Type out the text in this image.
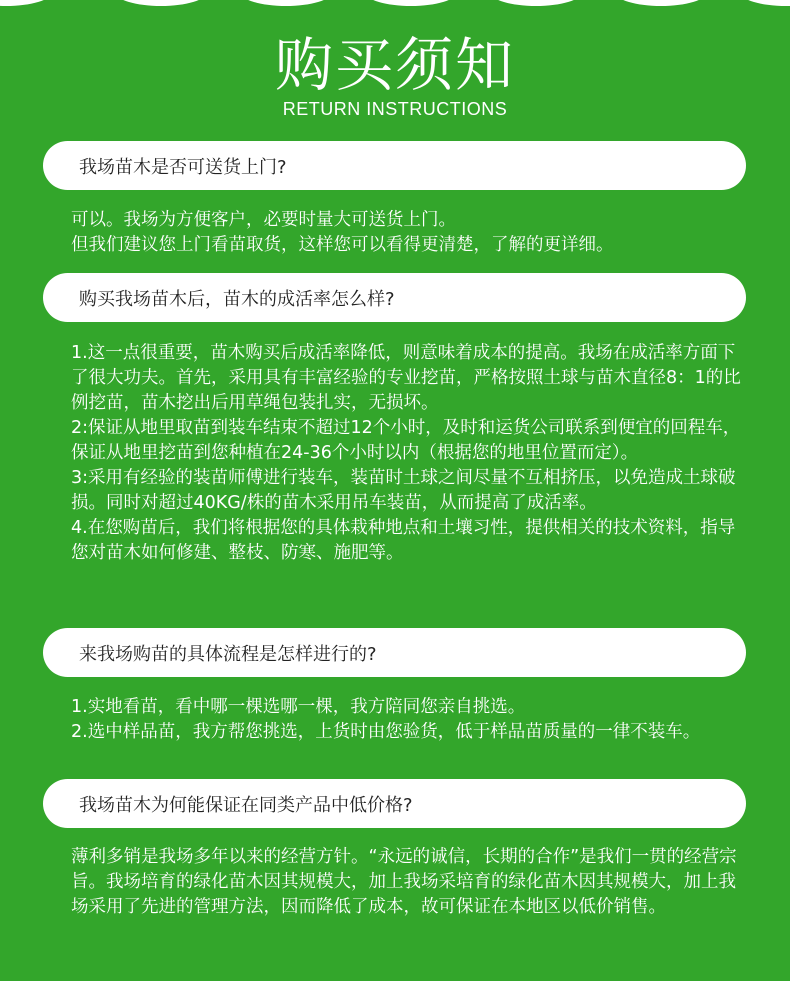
购买须知
RETURN INSTRUCTIONS
我场苗木是否可送货上门?

可以。我场为方便客户，必要时量大可送货上门。

但我们建议您上门看苗取货，这样您可以看得更清楚，了解的更详细。

购买我场苗木后，苗木的成活率怎么样?

1.这一点很重要，苗木购买后成活率降低，则意味着成本的提高。我场在成活率方面下了很大功夫。首先，采用具有丰富经验的专业挖苗，严格按照土球与苗木直径8：1的比例挖苗，苗木挖出后用草绳包装扎实，无损坏。

2:保证从地里取苗到装车结束不超过12个小时，及时和运货公司联系到便宜的回程车，保证从地里挖苗到您种植在24-36个小时以内（根据您的地里位置而定）。

3:采用有经验的装苗师傅进行装车，装苗时土球之间尽量不互相挤压，以免造成土球破损。同时对超过40KG/株的苗木采用吊车装苗，从而提高了成活率。

4.在您购苗后，我们将根据您的具体栽种地点和土壤习性，提供相关的技术资料，指导您对苗木如何修建、整枝、防寒、施肥等。

来我场购苗的具体流程是怎样进行的?

1.实地看苗，看中哪一棵选哪一棵，我方陪同您亲自挑选。

2.选中样品苗，我方帮您挑选，上货时由您验货，低于样品苗质量的一律不装车。

我场苗木为何能保证在同类产品中低价格?

薄利多销是我场多年以来的经营方针。“永远的诚信，长期的合作”是我们一贯的经营宗旨。我场培育的绿化苗木因其规模大，加上我场采培育的绿化苗木因其规模大，加上我场采用了先进的管理方法，因而降低了成本，故可保证在本地区以低价销售。
